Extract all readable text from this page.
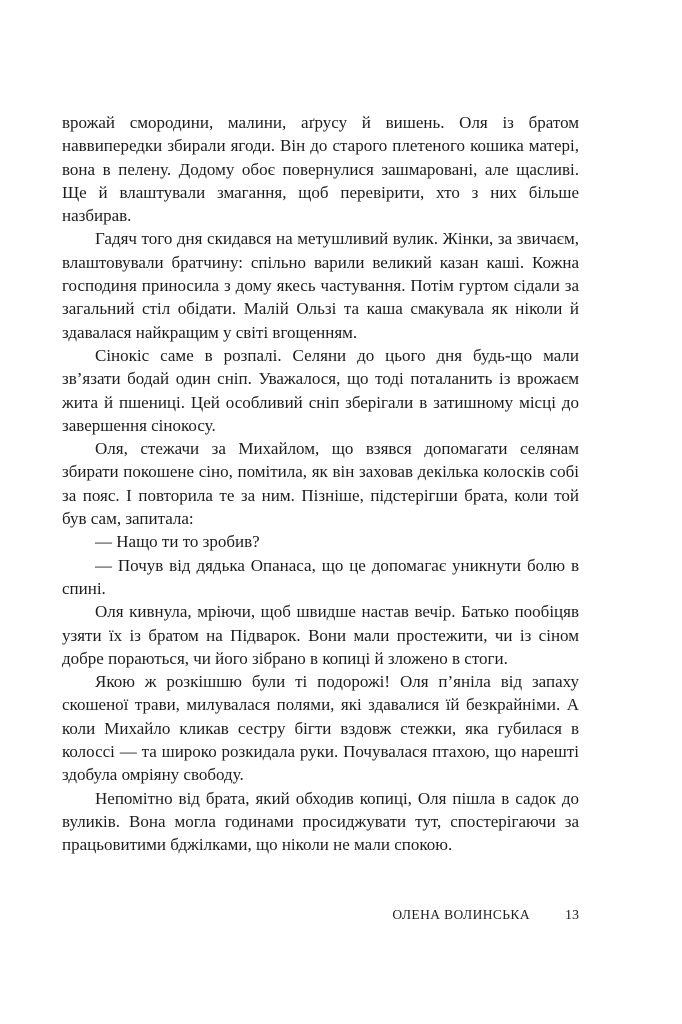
врожай смородини, малини, аґрусу й вишень. Оля із братом наввипередки збирали ягоди. Він до старого плетеного кошика матері, вона в пелену. Додому обоє повернулися зашмаровані, але щасливі. Ще й влаштували змагання, щоб перевірити, хто з них більше назбирав.

Гадяч того дня скидався на метушливий вулик. Жінки, за звичаєм, влаштовували братчину: спільно варили великий казан каші. Кожна господиня приносила з дому якесь частування. Потім гуртом сідали за загальний стіл обідати. Малій Ользі та каша смакувала як ніколи й здавалася найкращим у світі вгощенням.

Сінокіс саме в розпалі. Селяни до цього дня будь-що мали зв’язати бодай один сніп. Уважалося, що тоді поталанить із врожаєм жита й пшениці. Цей особливий сніп зберігали в затишному місці до завершення сінокосу.

Оля, стежачи за Михайлом, що взявся допомагати селянам збирати покошене сіно, помітила, як він заховав декілька колосків собі за пояс. І повторила те за ним. Пізніше, підстерігши брата, коли той був сам, запитала:

— Нащо ти то зробив?

— Почув від дядька Опанаса, що це допомагає уникнути болю в спині.

Оля кивнула, мріючи, щоб швидше настав вечір. Батько пообіцяв узяти їх із братом на Підварок. Вони мали простежити, чи із сіном добре пораються, чи його зібрано в копиці й зложено в стоги.

Якою ж розкішшю були ті подорожі! Оля п’яніла від запаху скошеної трави, милувалася полями, які здавалися їй безкрайніми. А коли Михайло кликав сестру бігти вздовж стежки, яка губилася в колоссі — та широко розкидала руки. Почувалася птахою, що нарешті здобула омріяну свободу.

Непомітно від брата, який обходив копиці, Оля пішла в садок до вуликів. Вона могла годинами просиджувати тут, спостерігаючи за працьовитими бджілками, що ніколи не мали спокою.

ОЛЕНА ВОЛИНСЬКА	13
